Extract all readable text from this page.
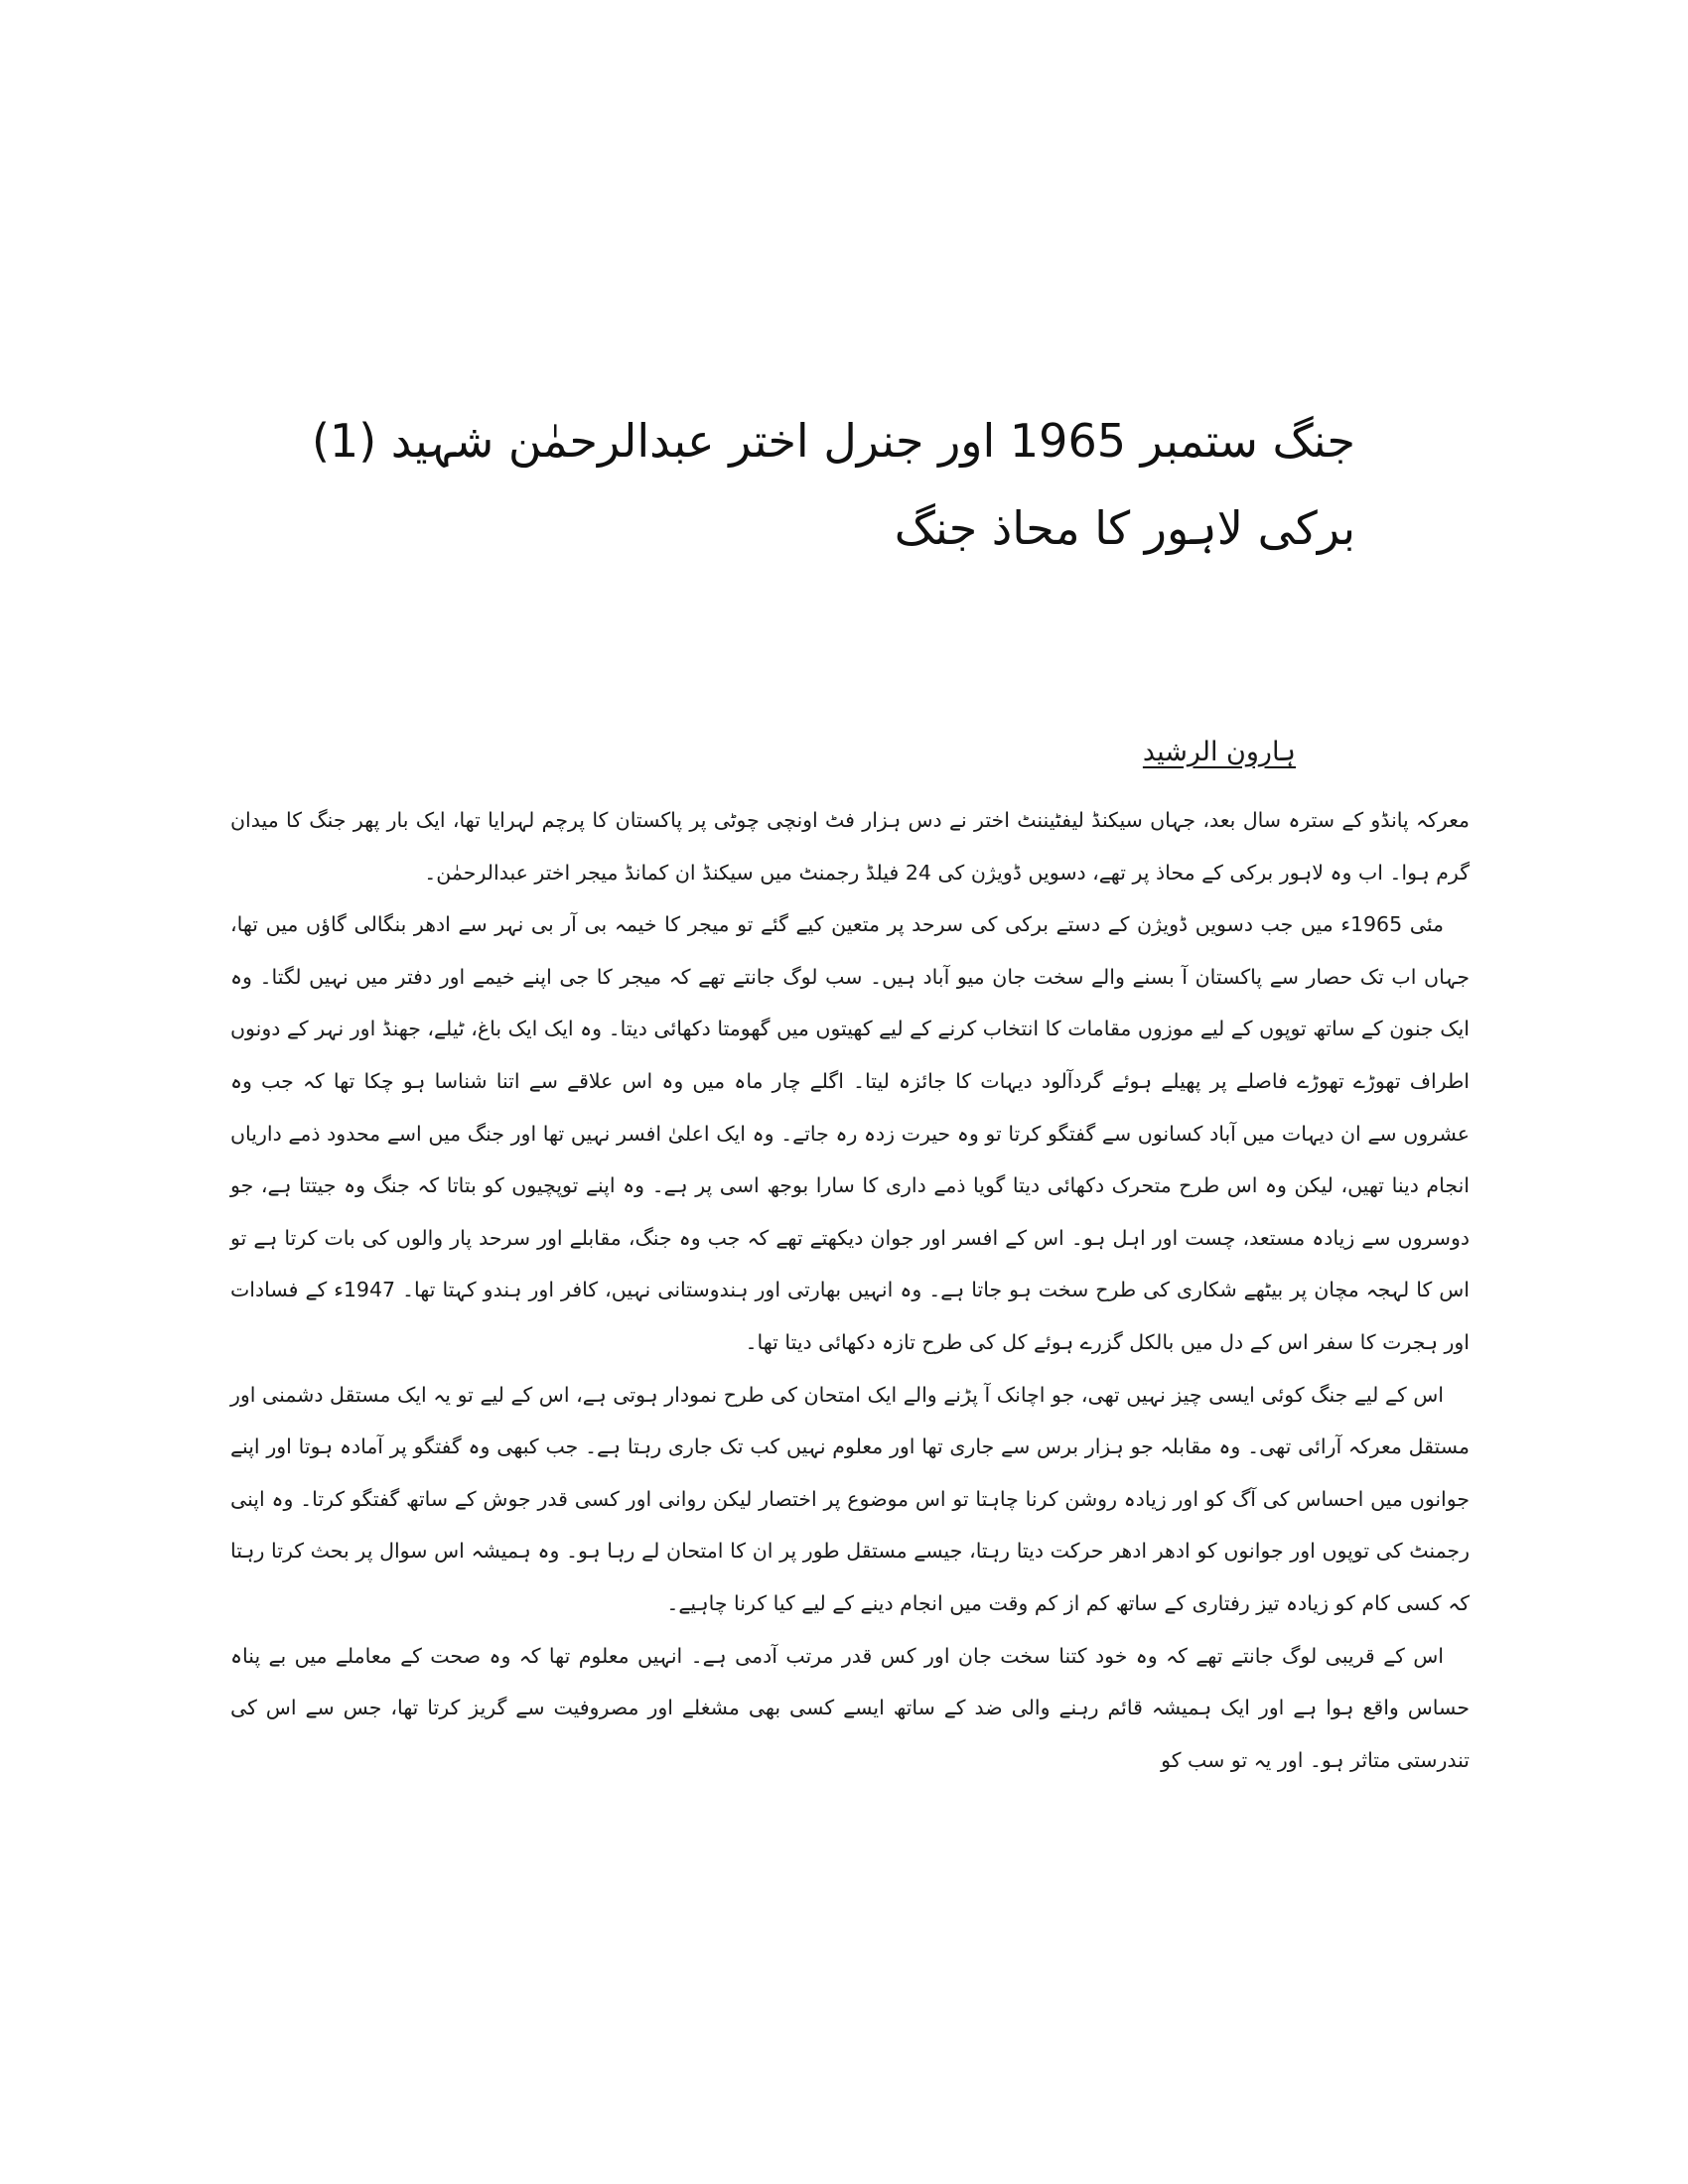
جنگ ستمبر 1965 اور جنرل اختر عبدالرحمٰن شہید (1)
برکی لاہور کا محاذ جنگ
ہارون الرشید

معرکہ پانڈو کے سترہ سال بعد، جہاں سیکنڈ لیفٹیننٹ اختر نے دس ہزار فٹ اونچی چوٹی پر پاکستان کا پرچم لہرایا تھا، ایک بار پھر جنگ کا میدان گرم ہوا۔ اب وہ لاہور برکی کے محاذ پر تھے، دسویں ڈویژن کی 24 فیلڈ رجمنٹ میں سیکنڈ ان کمانڈ میجر اختر عبدالرحمٰن۔

مئی 1965ء میں جب دسویں ڈویژن کے دستے برکی کی سرحد پر متعین کیے گئے تو میجر کا خیمہ بی آر بی نہر سے ادھر بنگالی گاؤں میں تھا، جہاں اب تک حصار سے پاکستان آ بسنے والے سخت جان میو آباد ہیں۔ سب لوگ جانتے تھے کہ میجر کا جی اپنے خیمے اور دفتر میں نہیں لگتا۔ وہ ایک جنون کے ساتھ توپوں کے لیے موزوں مقامات کا انتخاب کرنے کے لیے کھیتوں میں گھومتا دکھائی دیتا۔ وہ ایک ایک باغ، ٹیلے، جھنڈ اور نہر کے دونوں اطراف تھوڑے تھوڑے فاصلے پر پھیلے ہوئے گردآلود دیہات کا جائزہ لیتا۔ اگلے چار ماہ میں وہ اس علاقے سے اتنا شناسا ہو چکا تھا کہ جب وہ عشروں سے ان دیہات میں آباد کسانوں سے گفتگو کرتا تو وہ حیرت زدہ رہ جاتے۔ وہ ایک اعلیٰ افسر نہیں تھا اور جنگ میں اسے محدود ذمے داریاں انجام دینا تھیں، لیکن وہ اس طرح متحرک دکھائی دیتا گویا ذمے داری کا سارا بوجھ اسی پر ہے۔ وہ اپنے توپچیوں کو بتاتا کہ جنگ وہ جیتتا ہے، جو دوسروں سے زیادہ مستعد، چست اور اہل ہو۔ اس کے افسر اور جوان دیکھتے تھے کہ جب وہ جنگ، مقابلے اور سرحد پار والوں کی بات کرتا ہے تو اس کا لہجہ مچان پر بیٹھے شکاری کی طرح سخت ہو جاتا ہے۔ وہ انہیں بھارتی اور ہندوستانی نہیں، کافر اور ہندو کہتا تھا۔ 1947ء کے فسادات اور ہجرت کا سفر اس کے دل میں بالکل گزرے ہوئے کل کی طرح تازہ دکھائی دیتا تھا۔

اس کے لیے جنگ کوئی ایسی چیز نہیں تھی، جو اچانک آ پڑنے والے ایک امتحان کی طرح نمودار ہوتی ہے، اس کے لیے تو یہ ایک مستقل دشمنی اور مستقل معرکہ آرائی تھی۔ وہ مقابلہ جو ہزار برس سے جاری تھا اور معلوم نہیں کب تک جاری رہتا ہے۔ جب کبھی وہ گفتگو پر آمادہ ہوتا اور اپنے جوانوں میں احساس کی آگ کو اور زیادہ روشن کرنا چاہتا تو اس موضوع پر اختصار لیکن روانی اور کسی قدر جوش کے ساتھ گفتگو کرتا۔ وہ اپنی رجمنٹ کی توپوں اور جوانوں کو ادھر ادھر حرکت دیتا رہتا، جیسے مستقل طور پر ان کا امتحان لے رہا ہو۔ وہ ہمیشہ اس سوال پر بحث کرتا رہتا کہ کسی کام کو زیادہ تیز رفتاری کے ساتھ کم از کم وقت میں انجام دینے کے لیے کیا کرنا چاہیے۔

اس کے قریبی لوگ جانتے تھے کہ وہ خود کتنا سخت جان اور کس قدر مرتب آدمی ہے۔ انہیں معلوم تھا کہ وہ صحت کے معاملے میں بے پناہ حساس واقع ہوا ہے اور ایک ہمیشہ قائم رہنے والی ضد کے ساتھ ایسے کسی بھی مشغلے اور مصروفیت سے گریز کرتا تھا، جس سے اس کی تندرستی متاثر ہو۔ اور یہ تو سب کو
